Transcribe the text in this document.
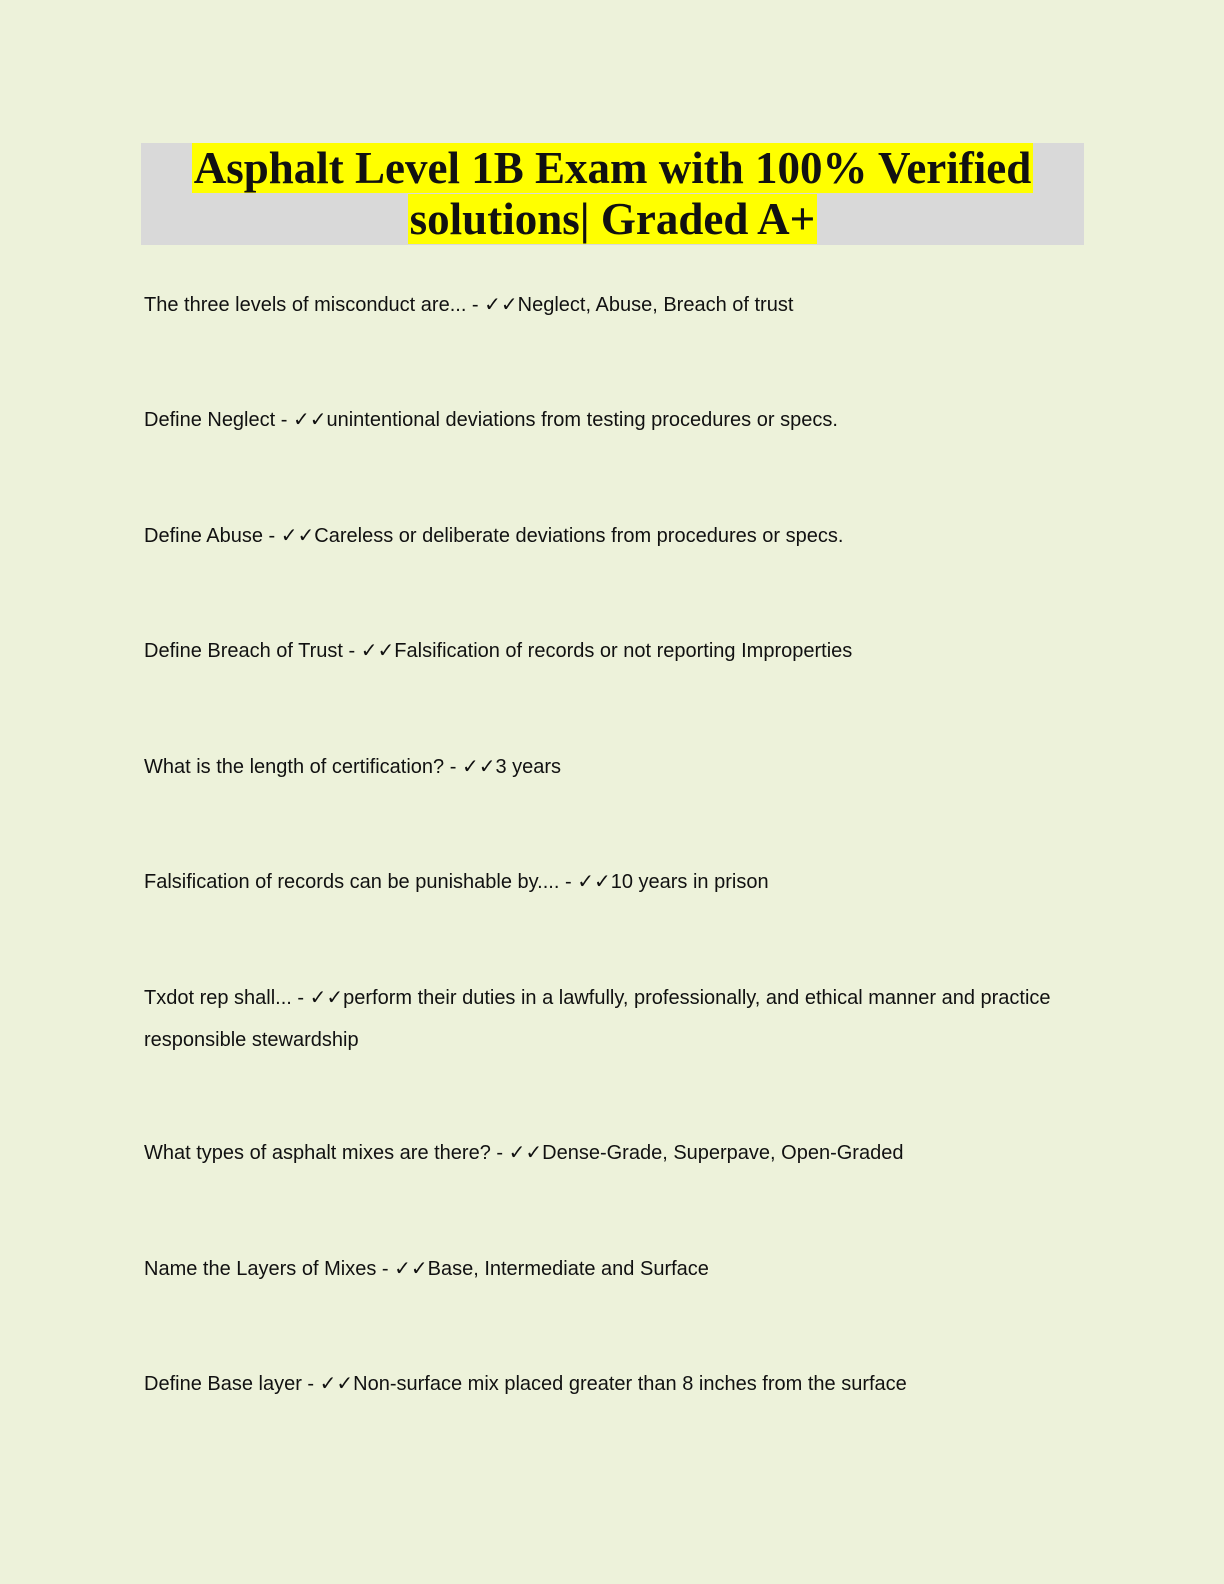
Asphalt Level 1B Exam with 100% Verified
solutions| Graded A+
The three levels of misconduct are... - ✓✓Neglect, Abuse, Breach of trust
Define Neglect - ✓✓unintentional deviations from testing procedures or specs.
Define Abuse - ✓✓Careless or deliberate deviations from procedures or specs.
Define Breach of Trust - ✓✓Falsification of records or not reporting Improperties
What is the length of certification? - ✓✓3 years
Falsification of records can be punishable by.... - ✓✓10 years in prison
Txdot rep shall... - ✓✓perform their duties in a lawfully, professionally, and ethical manner and practice responsible stewardship
What types of asphalt mixes are there? - ✓✓Dense-Grade, Superpave, Open-Graded
Name the Layers of Mixes - ✓✓Base, Intermediate and Surface
Define Base layer - ✓✓Non-surface mix placed greater than 8 inches from the surface
